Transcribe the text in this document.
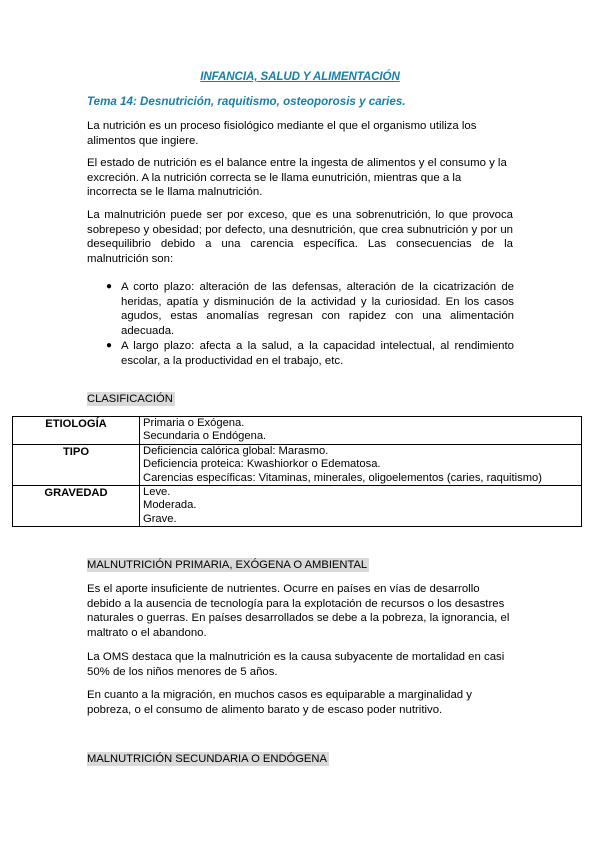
INFANCIA, SALUD Y ALIMENTACIÓN
Tema 14: Desnutrición, raquitismo, osteoporosis y caries.

La nutrición es un proceso fisiológico mediante el que el organismo utiliza los alimentos que ingiere.

El estado de nutrición es el balance entre la ingesta de alimentos y el consumo y la excreción. A la nutrición correcta se le llama eunutrición, mientras que a la incorrecta se le llama malnutrición.

La malnutrición puede ser por exceso, que es una sobrenutrición, lo que provoca sobrepeso y obesidad; por defecto, una desnutrición, que crea subnutrición y por un desequilibrio debido a una carencia específica. Las consecuencias de la malnutrición son:

● A corto plazo: alteración de las defensas, alteración de la cicatrización de heridas, apatía y disminución de la actividad y la curiosidad. En los casos agudos, estas anomalías regresan con rapidez con una alimentación adecuada.
● A largo plazo: afecta a la salud, a la capacidad intelectual, al rendimiento escolar, a la productividad en el trabajo, etc.
CLASIFICACIÓN
ETIOLOGÍA	Primaria o Exógena.
Secundaria o Endógena.

TIPO	Deficiencia calórica global: Marasmo.
Deficiencia proteica: Kwashiorkor o Edematosa.
Carencias específicas: Vitaminas, minerales, oligoelementos (caries, raquitismo)

GRAVEDAD	Leve.
Moderada.
Grave.
MALNUTRICIÓN PRIMARIA, EXÓGENA O AMBIENTAL

Es el aporte insuficiente de nutrientes. Ocurre en países en vías de desarrollo debido a la ausencia de tecnología para la explotación de recursos o los desastres naturales o guerras. En países desarrollados se debe a la pobreza, la ignorancia, el maltrato o el abandono.

La OMS destaca que la malnutrición es la causa subyacente de mortalidad en casi 50% de los niños menores de 5 años.

En cuanto a la migración, en muchos casos es equiparable a marginalidad y pobreza, o el consumo de alimento barato y de escaso poder nutritivo.

MALNUTRICIÓN SECUNDARIA O ENDÓGENA
